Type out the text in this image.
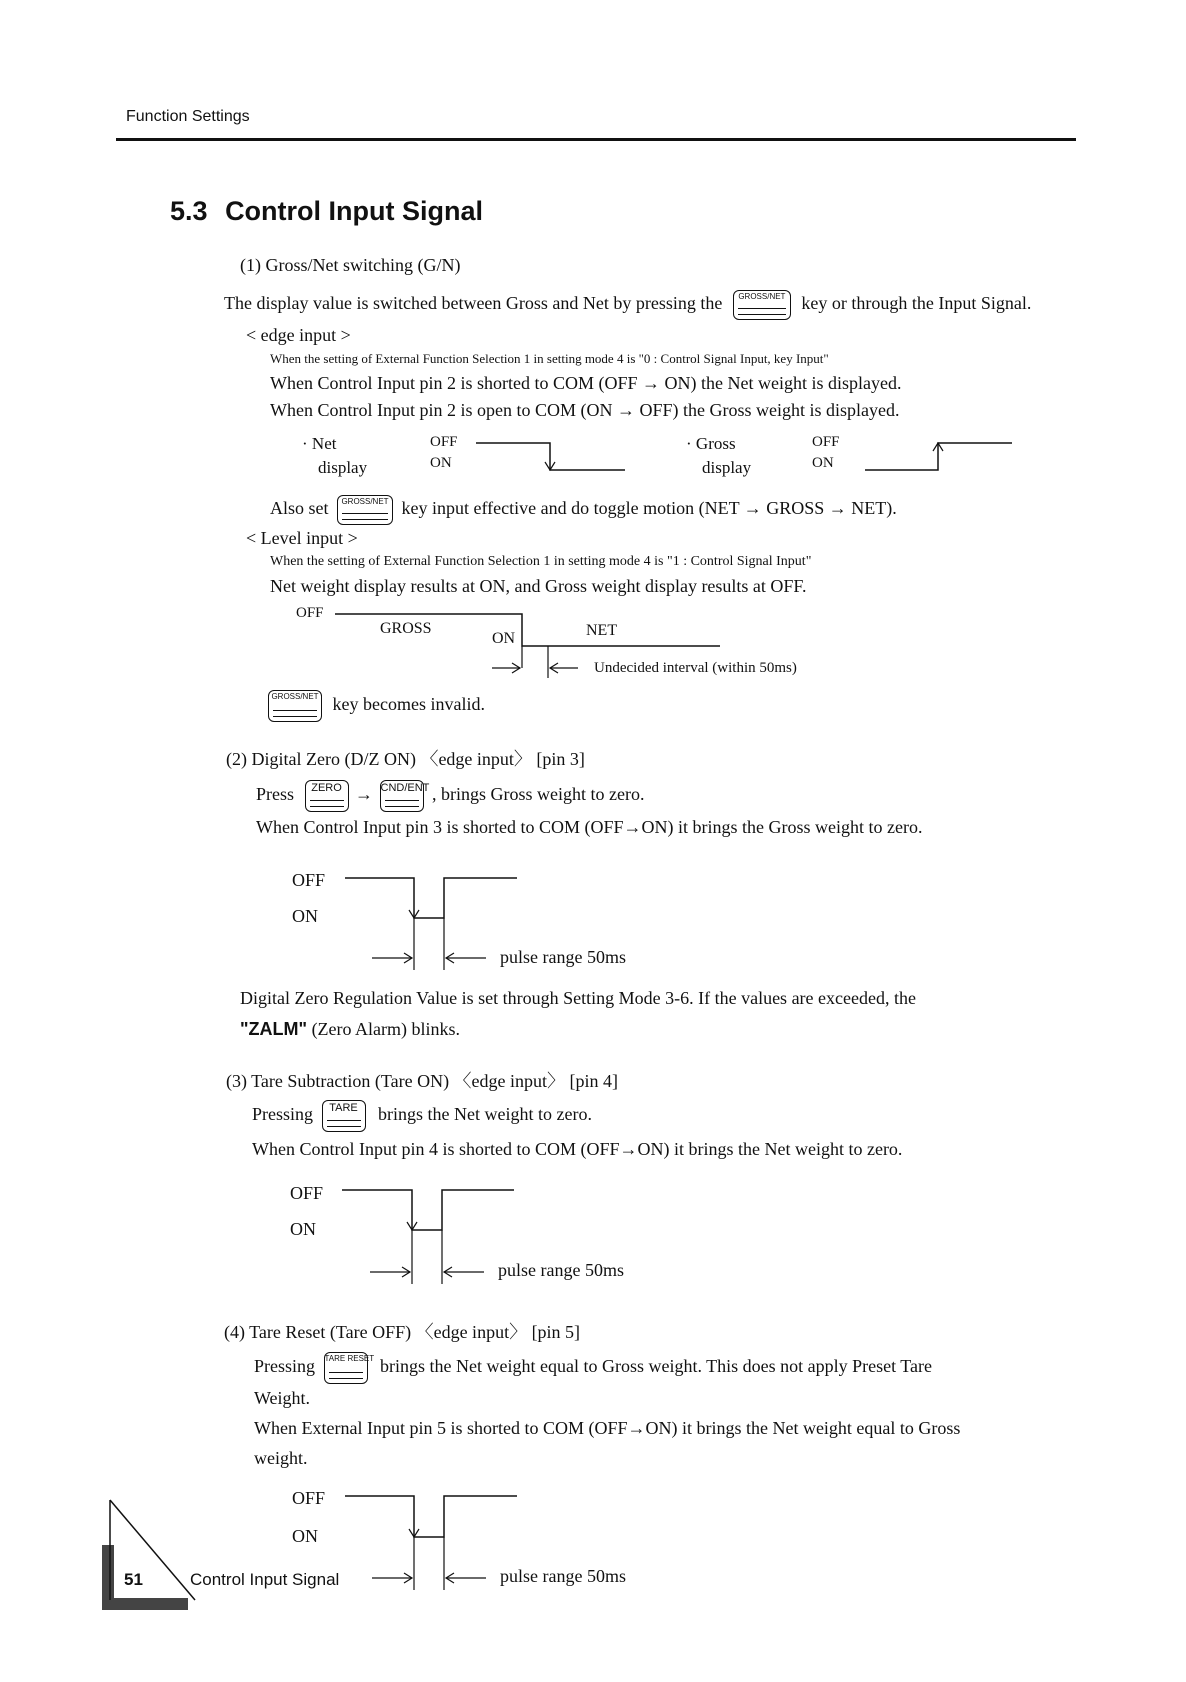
Function Settings
5.3 Control Input Signal
(1) Gross/Net switching (G/N)
The display value is switched between Gross and Net by pressing the GROSS/NET key or through the Input Signal.
< edge input >
When the setting of External Function Selection 1 in setting mode 4 is "0 : Control Signal Input, key Input"
When Control Input pin 2 is shorted to COM (OFF → ON) the Net weight is displayed.
When Control Input pin 2 is open to COM (ON → OFF) the Gross weight is displayed.
· Net
display
OFF
ON
· Gross
display
OFF
ON
Also set GROSS/NET key input effective and do toggle motion (NET → GROSS → NET).
< Level input >
When the setting of External Function Selection 1 in setting mode 4 is "1 : Control Signal Input"
Net weight display results at ON, and Gross weight display results at OFF.
OFF
GROSS
ON	NET
Undecided interval (within 50ms)
GROSS/NET key becomes invalid.
(2) Digital Zero (D/Z ON) 〈edge input〉 [pin 3]
Press ZERO → CND/ENT , brings Gross weight to zero.
When Control Input pin 3 is shorted to COM (OFF→ON) it brings the Gross weight to zero.
OFF
ON
pulse range 50ms
Digital Zero Regulation Value is set through Setting Mode 3-6. If the values are exceeded, the
"ZALM" (Zero Alarm) blinks.
(3) Tare Subtraction (Tare ON) 〈edge input〉 [pin 4]
Pressing TARE brings the Net weight to zero.
When Control Input pin 4 is shorted to COM (OFF→ON) it brings the Net weight to zero.
OFF
ON
pulse range 50ms
(4) Tare Reset (Tare OFF) 〈edge input〉 [pin 5]
Pressing TARE RESET brings the Net weight equal to Gross weight. This does not apply Preset Tare
Weight.
When External Input pin 5 is shorted to COM (OFF→ON) it brings the Net weight equal to Gross
weight.
OFF
ON
pulse range 50ms
51	Control Input Signal
